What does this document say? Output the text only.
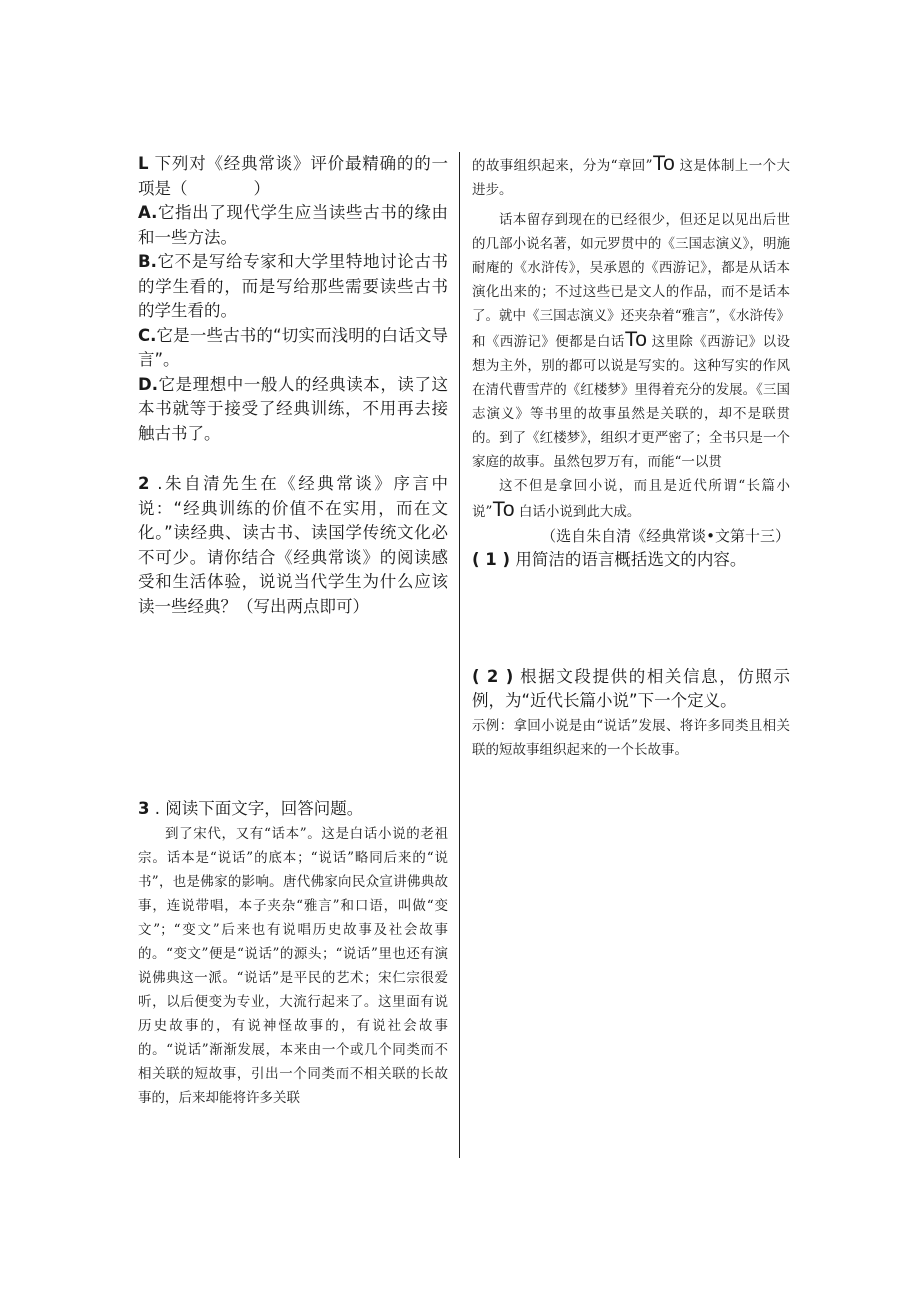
L 下列对《经典常谈》评价最精确的的一项是（　　　　）
A.它指出了现代学生应当读些古书的缘由和一些方法。
B.它不是写给专家和大学里特地讨论古书的学生看的，而是写给那些需要读些古书的学生看的。
C.它是一些古书的“切实而浅明的白话文导言”。
D.它是理想中一般人的经典读本，读了这本书就等于接受了经典训练，不用再去接触古书了。
2 .朱自清先生在《经典常谈》序言中说：“经典训练的价值不在实用，而在文化。”读经典、读古书、读国学传统文化必不可少。请你结合《经典常谈》的阅读感受和生活体验，说说当代学生为什么应该读一些经典？（写出两点即可）
3 . 阅读下面文字，回答问题。
到了宋代，又有“话本”。这是白话小说的老祖宗。话本是“说话”的底本；“说话”略同后来的“说书”，也是佛家的影响。唐代佛家向民众宣讲佛典故事，连说带唱，本子夹杂“雅言”和口语，叫做“变文”；“变文”后来也有说唱历史故事及社会故事的。“变文”便是“说话”的源头；“说话”里也还有演说佛典这一派。“说话”是平民的艺术；宋仁宗很爱听，以后便变为专业，大流行起来了。这里面有说历史故事的，有说神怪故事的，有说社会故事的。“说话”渐渐发展，本来由一个或几个同类而不相关联的短故事，引出一个同类而不相关联的长故事的，后来却能将许多关联
的故事组织起来，分为“章回”To 这是体制上一个大进步。
话本留存到现在的已经很少，但还足以见出后世的几部小说名著，如元罗贯中的《三国志演义》，明施耐庵的《水浒传》，吴承恩的《西游记》，都是从话本演化出来的；不过这些已是文人的作品，而不是话本了。就中《三国志演义》还夹杂着“雅言”，《水浒传》和《西游记》便都是白话To 这里除《西游记》以设想为主外，别的都可以说是写实的。这种写实的作风在清代曹雪芹的《红楼梦》里得着充分的发展。《三国志演义》等书里的故事虽然是关联的，却不是联贯的。到了《红楼梦》，组织才更严密了；全书只是一个家庭的故事。虽然包罗万有，而能“一以贯
这不但是拿回小说，而且是近代所谓“长篇小说”To 白话小说到此大成。
（选自朱自清《经典常谈•文第十三）
( 1 ) 用简洁的语言概括选文的内容。
( 2 ) 根据文段提供的相关信息，仿照示例，为“近代长篇小说”下一个定义。
示例：拿回小说是由“说话”发展、将许多同类且相关联的短故事组织起来的一个长故事。
